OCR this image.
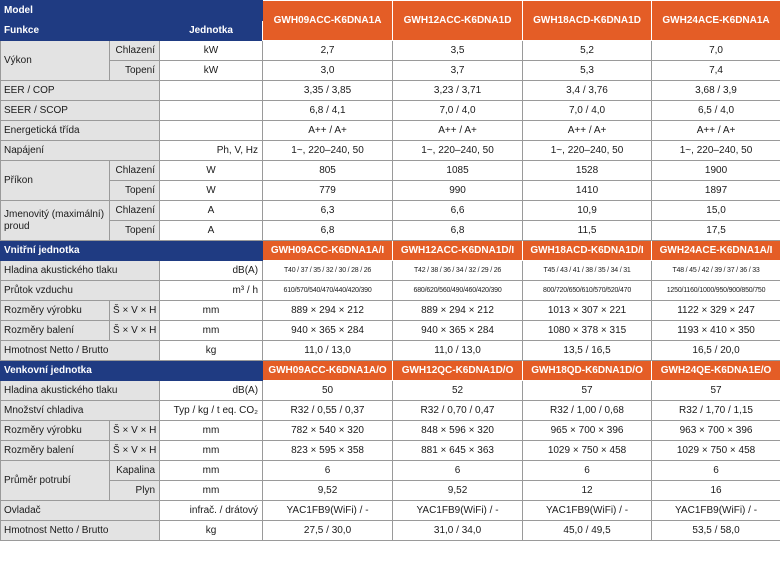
Model			GWH09ACC-K6DNA1A	GWH12ACC-K6DNA1D	GWH18ACD-K6DNA1D	GWH24ACE-K6DNA1A
Funkce		Jednotka				
Výkon	Chlazení	kW	2,7	3,5	5,2	7,0
	Topení	kW	3,0	3,7	5,3	7,4
EER / COP			3,35 / 3,85	3,23 / 3,71	3,4 / 3,76	3,68 / 3,9
SEER / SCOP			6,8 / 4,1	7,0 / 4,0	7,0 / 4,0	6,5 / 4,0
Energetická třída			A++ / A+	A++ / A+	A++ / A+	A++ / A+
Napájení		Ph, V, Hz	1~, 220–240, 50	1~, 220–240, 50	1~, 220–240, 50	1~, 220–240, 50
Příkon	Chlazení	W	805	1085	1528	1900
	Topení	W	779	990	1410	1897
Jmenovitý (maximální) proud	Chlazení	A	6,3	6,6	10,9	15,0
	Topení	A	6,8	6,8	11,5	17,5
Vnitřní jednotka			GWH09ACC-K6DNA1A/I	GWH12ACC-K6DNA1D/I	GWH18ACD-K6DNA1D/I	GWH24ACE-K6DNA1A/I
Hladina akustického tlaku		dB(A)	T40 / 37 / 35 / 32 / 30 / 28 / 26	T42 / 38 / 36 / 34 / 32 / 29 / 26	T45 / 43 / 41 / 38 / 35 / 34 / 31	T48 / 45 / 42 / 39 / 37 / 36 / 33
Průtok vzduchu		m³ / h	610/570/540/470/440/420/390	680/620/560/490/460/420/390	800/720/650/610/570/520/470	1250/1160/1000/950/900/850/750
Rozměry výrobku	Š × V × H	mm	889 × 294 × 212	889 × 294 × 212	1013 × 307 × 221	1122 × 329 × 247
Rozměry balení	Š × V × H	mm	940 × 365 × 284	940 × 365 × 284	1080 × 378 × 315	1193 × 410 × 350
Hmotnost Netto / Brutto		kg	11,0 / 13,0	11,0 / 13,0	13,5 / 16,5	16,5 / 20,0
Venkovní jednotka			GWH09ACC-K6DNA1A/O	GWH12QC-K6DNA1D/O	GWH18QD-K6DNA1D/O	GWH24QE-K6DNA1E/O
Hladina akustického tlaku		dB(A)	50	52	57	57
Množství chladiva		Typ / kg / t eq. CO₂	R32 / 0,55 / 0,37	R32 / 0,70 / 0,47	R32 / 1,00 / 0,68	R32 / 1,70 / 1,15
Rozměry výrobku	Š × V × H	mm	782 × 540 × 320	848 × 596 × 320	965 × 700 × 396	963 × 700 × 396
Rozměry balení	Š × V × H	mm	823 × 595 × 358	881 × 645 × 363	1029 × 750 × 458	1029 × 750 × 458
Průměr potrubí	Kapalina	mm	6	6	6	6
	Plyn	mm	9,52	9,52	12	16
Ovladač		infrač. / drátový	YAC1FB9(WiFi) / -	YAC1FB9(WiFi) / -	YAC1FB9(WiFi) / -	YAC1FB9(WiFi) / -
Hmotnost Netto / Brutto		kg	27,5 / 30,0	31,0 / 34,0	45,0 / 49,5	53,5 / 58,0
